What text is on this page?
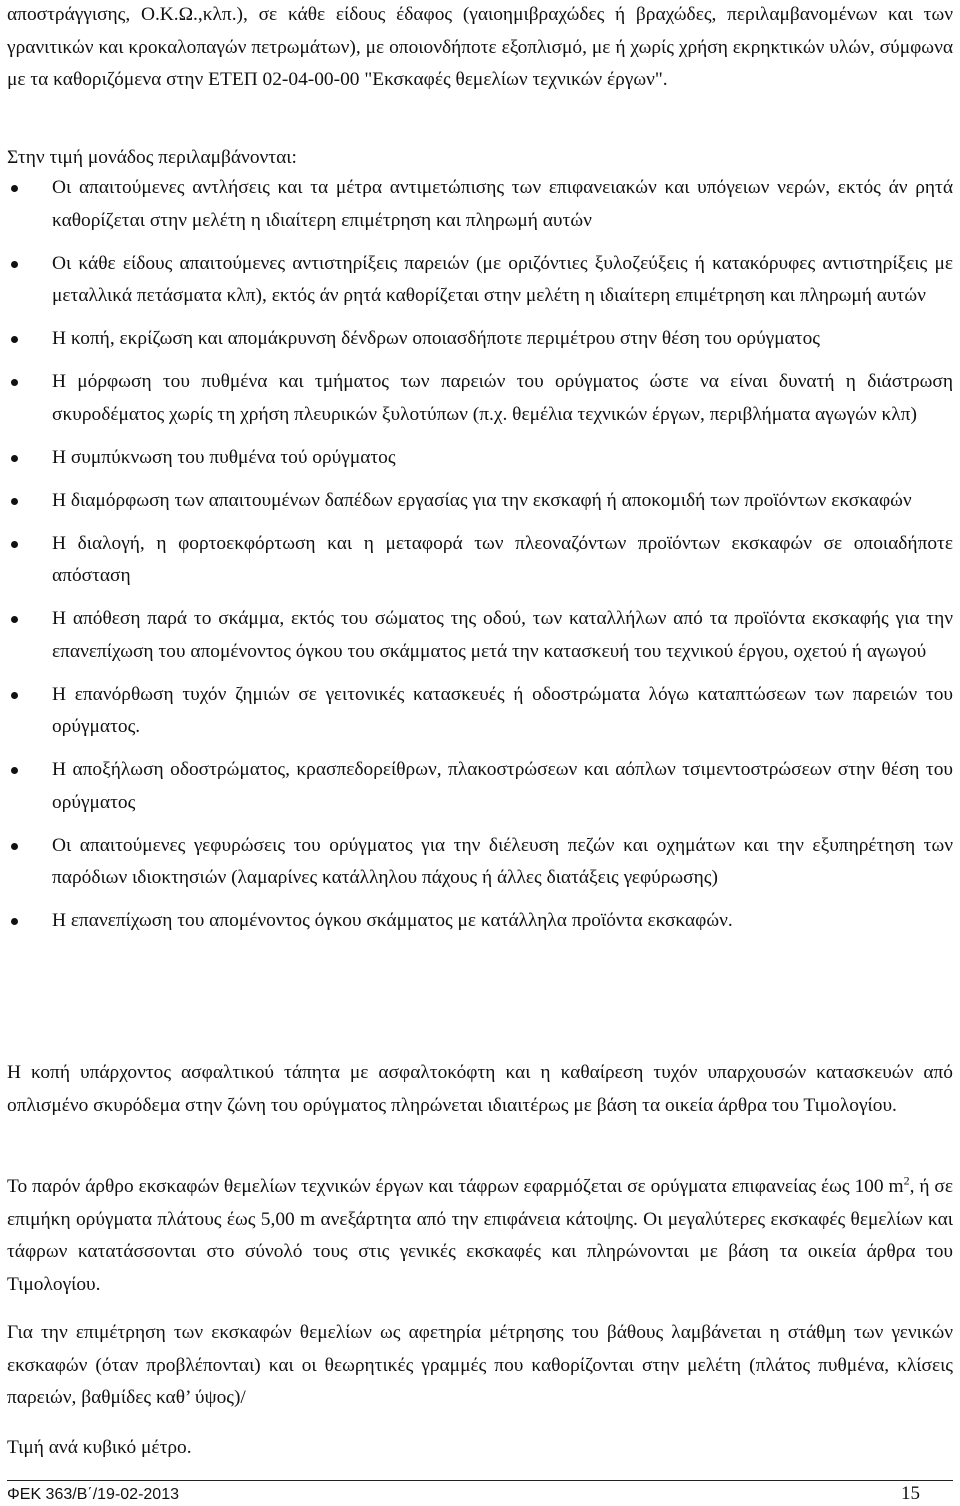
αποστράγγισης, Ο.Κ.Ω.,κλπ.), σε κάθε είδους έδαφος (γαιοημιβραχώδες ή βραχώδες, περιλαμβανομένων και των γρανιτικών και κροκαλοπαγών πετρωμάτων), με οποιονδήποτε εξοπλισμό, με ή χωρίς χρήση εκρηκτικών υλών, σύμφωνα με τα καθοριζόμενα στην ΕΤΕΠ 02-04-00-00 "Εκσκαφές θεμελίων τεχνικών έργων".

Στην τιμή μονάδος περιλαμβάνονται:

Οι απαιτούμενες αντλήσεις και τα μέτρα αντιμετώπισης των επιφανειακών και υπόγειων νερών, εκτός άν ρητά καθορίζεται στην μελέτη η ιδιαίτερη επιμέτρηση και πληρωμή αυτών
Οι κάθε είδους απαιτούμενες αντιστηρίξεις παρειών (με οριζόντιες ξυλοζεύξεις ή κατακόρυφες αντιστηρίξεις με μεταλλικά πετάσματα κλπ), εκτός άν ρητά καθορίζεται στην μελέτη η ιδιαίτερη επιμέτρηση και πληρωμή αυτών
Η κοπή, εκρίζωση και απομάκρυνση δένδρων οποιασδήποτε περιμέτρου στην θέση του ορύγματος
Η μόρφωση του πυθμένα και τμήματος των παρειών του ορύγματος ώστε να είναι δυνατή η διάστρωση σκυροδέματος χωρίς τη χρήση πλευρικών ξυλοτύπων (π.χ. θεμέλια τεχνικών έργων, περιβλήματα αγωγών κλπ)
Η συμπύκνωση του πυθμένα τού ορύγματος
Η διαμόρφωση των απαιτουμένων δαπέδων εργασίας για την εκσκαφή ή αποκομιδή των προϊόντων εκσκαφών
Η διαλογή, η φορτοεκφόρτωση και η μεταφορά των πλεοναζόντων προϊόντων εκσκαφών σε οποιαδήποτε απόσταση
Η απόθεση παρά το σκάμμα, εκτός του σώματος της οδού, των καταλλήλων από τα προϊόντα εκσκαφής για την επανεπίχωση του απομένοντος όγκου του σκάμματος μετά την κατασκευή του τεχνικού έργου, οχετού ή αγωγού
Η επανόρθωση τυχόν ζημιών σε γειτονικές κατασκευές ή οδοστρώματα λόγω καταπτώσεων των παρειών του ορύγματος.
Η αποξήλωση οδοστρώματος, κρασπεδορείθρων, πλακοστρώσεων και αόπλων τσιμεντοστρώσεων στην θέση του ορύγματος
Οι απαιτούμενες γεφυρώσεις του ορύγματος για την διέλευση πεζών και οχημάτων και την εξυπηρέτηση των παρόδιων ιδιοκτησιών (λαμαρίνες κατάλληλου πάχους ή άλλες διατάξεις γεφύρωσης)
Η επανεπίχωση του απομένοντος όγκου σκάμματος με κατάλληλα προϊόντα εκσκαφών.

Η κοπή υπάρχοντος ασφαλτικού τάπητα με ασφαλτοκόφτη και η καθαίρεση τυχόν υπαρχουσών κατασκευών από οπλισμένο σκυρόδεμα στην ζώνη του ορύγματος πληρώνεται ιδιαιτέρως με βάση τα οικεία άρθρα του Τιμολογίου.

Το παρόν άρθρο εκσκαφών θεμελίων τεχνικών έργων και τάφρων εφαρμόζεται σε ορύγματα επιφανείας έως 100 $m^2$, ή σε επιμήκη ορύγματα πλάτους έως 5,00 m ανεξάρτητα από την επιφάνεια κάτοψης. Οι μεγαλύτερες εκσκαφές θεμελίων και τάφρων κατατάσσονται στο σύνολό τους στις γενικές εκσκαφές και πληρώνονται με βάση τα οικεία άρθρα του Τιμολογίου.

Για την επιμέτρηση των εκσκαφών θεμελίων ως αφετηρία μέτρησης του βάθους λαμβάνεται η στάθμη των γενικών εκσκαφών (όταν προβλέπονται) και οι θεωρητικές γραμμές που καθορίζονται στην μελέτη (πλάτος πυθμένα, κλίσεις παρειών, βαθμίδες καθ’ ύψος)/

Τιμή ανά κυβικό μέτρο.

ΦΕΚ 363/Β΄/19-02-2013	15
